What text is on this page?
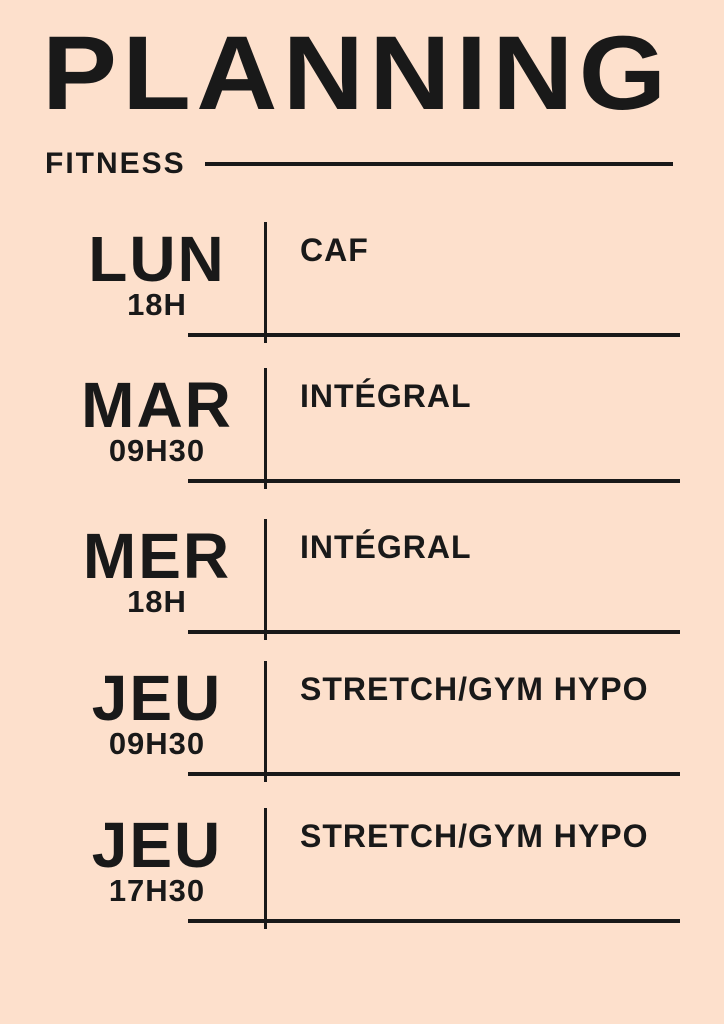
PLANNING
FITNESS
LUN
18H
CAF
MAR
09H30
INTÉGRAL
MER
18H
INTÉGRAL
JEU
09H30
STRETCH/GYM HYPO
JEU
17H30
STRETCH/GYM HYPO
